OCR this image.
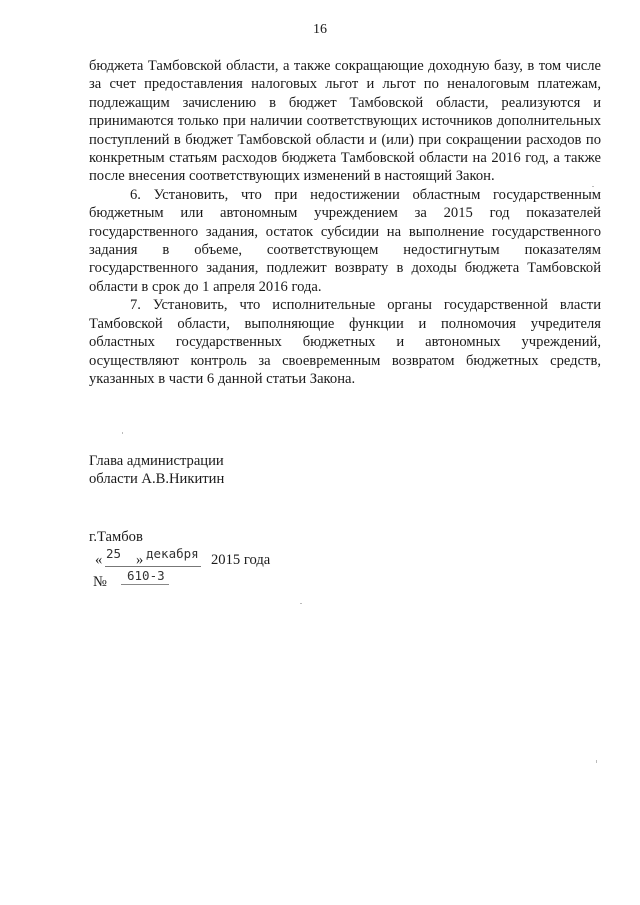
16

бюджета Тамбовской области, а также сокращающие доходную базу, в том числе за счет предоставления налоговых льгот и льгот по неналоговым платежам, подлежащим зачислению в бюджет Тамбовской области, реализуются и принимаются только при наличии соответствующих источников дополнительных поступлений в бюджет Тамбовской области и (или) при сокращении расходов по конкретным статьям расходов бюджета Тамбовской области на 2016 год, а также после внесения соответствующих изменений в настоящий Закон.

6. Установить, что при недостижении областным государственным бюджетным или автономным учреждением за 2015 год показателей государственного задания, остаток субсидии на выполнение государственного задания в объеме, соответствующем недостигнутым показателям государственного задания, подлежит возврату в доходы бюджета Тамбовской области в срок до 1 апреля 2016 года.

7. Установить, что исполнительные органы государственной власти Тамбовской области, выполняющие функции и полномочия учредителя областных государственных бюджетных и автономных учреждений, осуществляют контроль за своевременным возвратом бюджетных средств, указанных в части 6 данной статьи Закона.

Глава администрации
области А.В.Никитин
г.Тамбов
« 25 » декабря 2015 года
№ 610-З
